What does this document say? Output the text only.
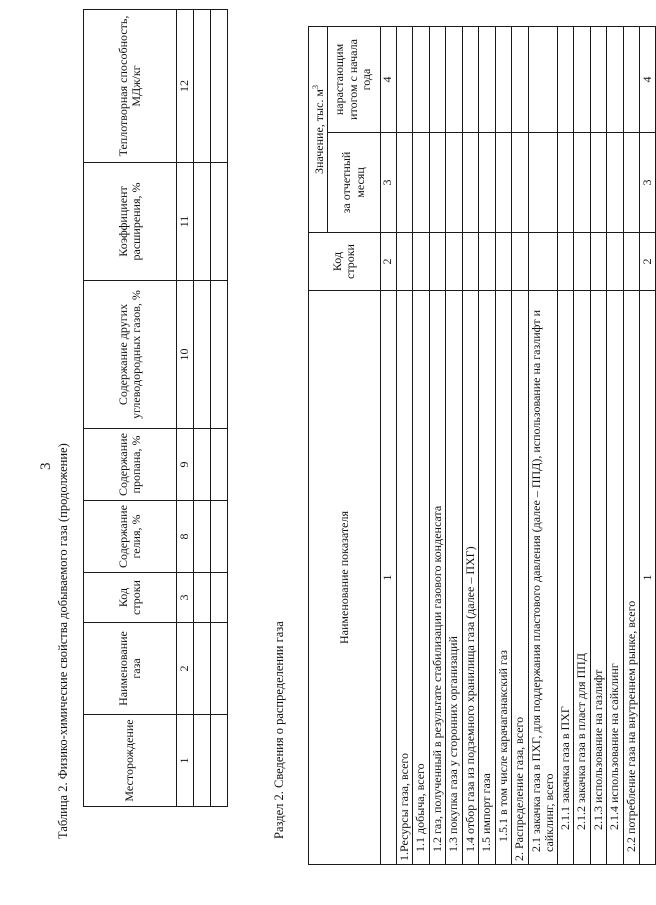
3 Таблица 2. Физико-химические свойства добываемого газа (продолжение)	Месторождение	Наименование газа	Код строки	Содержание гелия, %	Содержание пропана, %	Содержание других углеводородных газов, %	Коэффициент расширения, %	Теплотворная способность, МДж/кг
1	2	3	8	9	10	11	12

Раздел 2. Сведения о распределении газа
Наименование показателя	Код строки	Значение, тыс. $м^3$
		за отчетный месяц	нарастающим итогом с начала года
1	2	3	4
1.Ресурсы газа, всего			
1.1 добыча, всего			
1.2 газ, полученный в результате стабилизации газового конденсата			
1.3 покупка газа у сторонних организаций			
1.4 отбор газа из подземного хранилища газа (далее – ПХГ)			
1.5 импорт газа			
1.5.1 в том числе карачаганакский газ			
2. Распределение газа, всего			
2.1 закачка газа в ПХГ, для поддержания пластового давления (далее – ППД), использование на газлифт и сайклинг, всего			
2.1.1 закачка газа в ПХГ			
2.1.2 закачка газа в пласт для ППД			
2.1.3 использование на газлифт			
2.1.4 использование на сайклинг			
2.2 потребление газа на внутреннем рынке, всего			
1	2	3	4
